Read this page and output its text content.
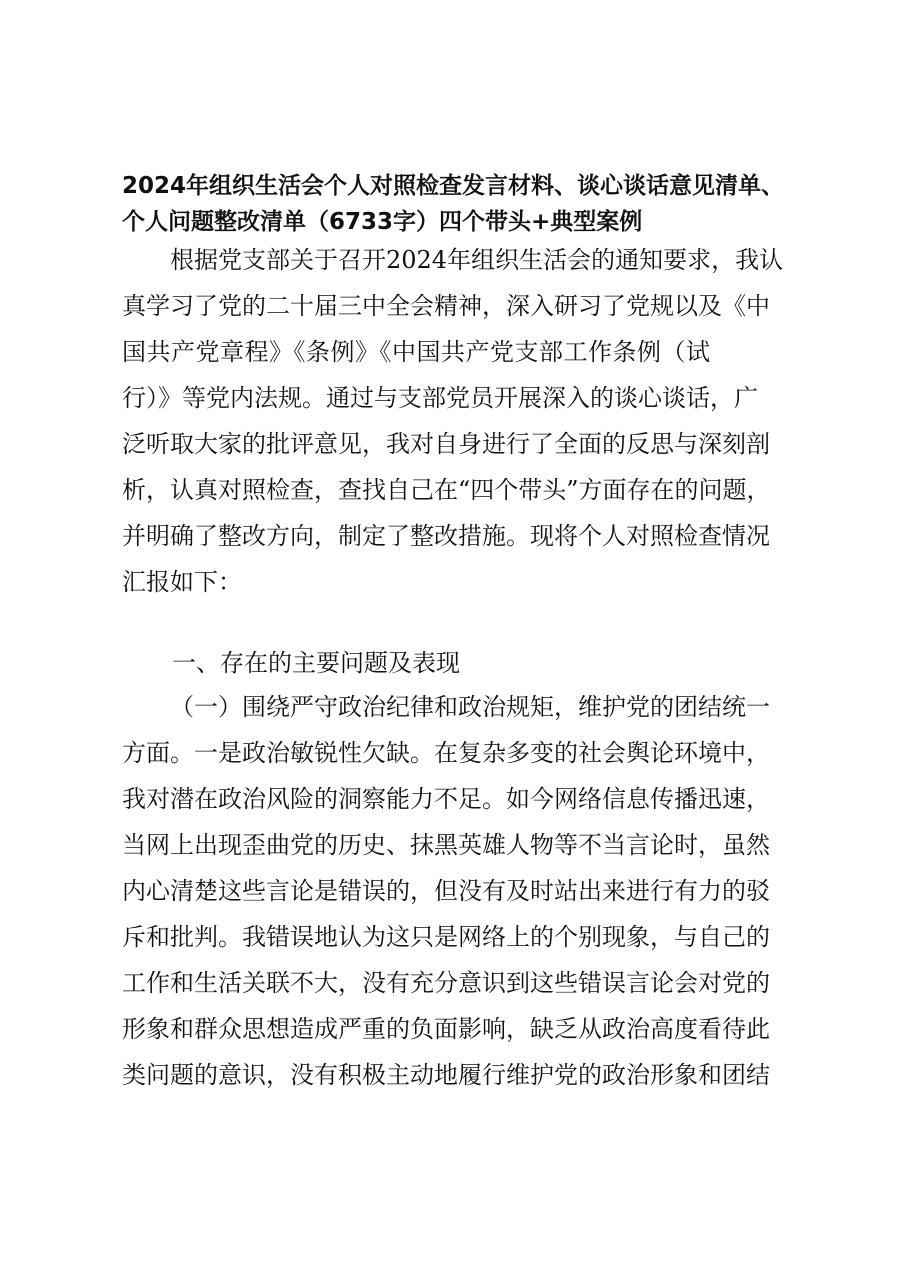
2024年组织生活会个人对照检查发言材料、谈心谈话意见清单、
个人问题整改清单（6733字）四个带头+典型案例
根据党支部关于召开2024年组织生活会的通知要求，我认
真学习了党的二十届三中全会精神，深入研习了党规以及《中
国共产党章程》《条例》《中国共产党支部工作条例（试
行）》等党内法规。通过与支部党员开展深入的谈心谈话，广
泛听取大家的批评意见，我对自身进行了全面的反思与深刻剖
析，认真对照检查，查找自己在“四个带头”方面存在的问题，
并明确了整改方向，制定了整改措施。现将个人对照检查情况
汇报如下：
一、存在的主要问题及表现
（一）围绕严守政治纪律和政治规矩，维护党的团结统一
方面。一是政治敏锐性欠缺。在复杂多变的社会舆论环境中，
我对潜在政治风险的洞察能力不足。如今网络信息传播迅速，
当网上出现歪曲党的历史、抹黑英雄人物等不当言论时，虽然
内心清楚这些言论是错误的，但没有及时站出来进行有力的驳
斥和批判。我错误地认为这只是网络上的个别现象，与自己的
工作和生活关联不大，没有充分意识到这些错误言论会对党的
形象和群众思想造成严重的负面影响，缺乏从政治高度看待此
类问题的意识，没有积极主动地履行维护党的政治形象和团结
